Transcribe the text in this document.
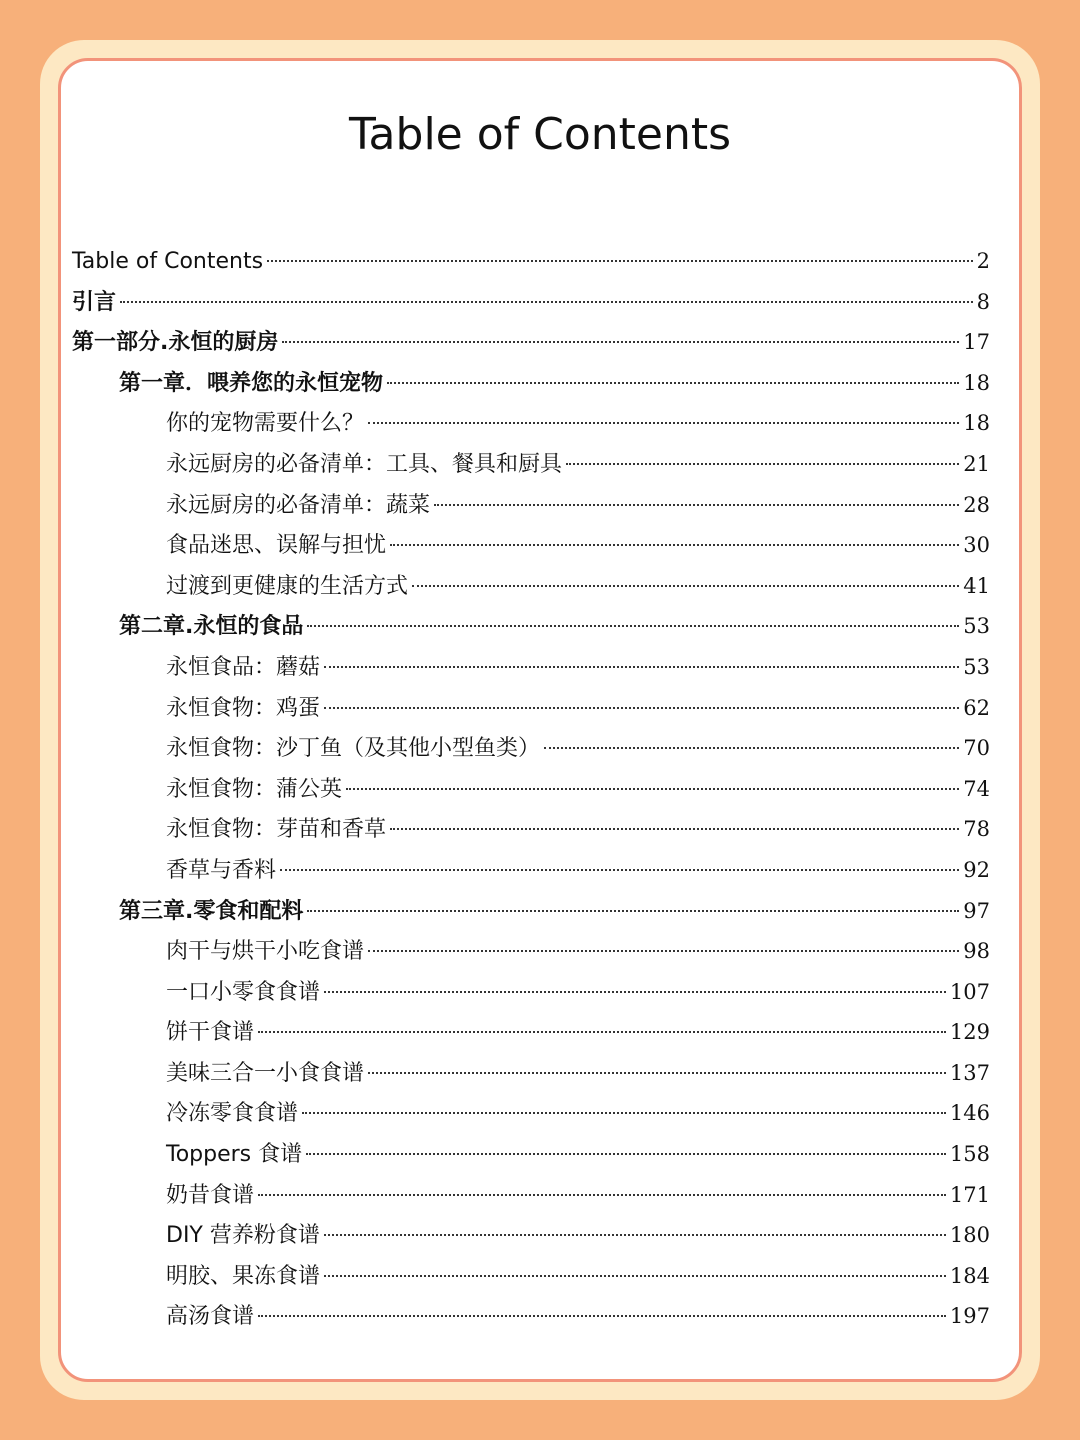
Table of Contents
Table of Contents	2
引言	8
第一部分.永恒的厨房	17
第一章．喂养您的永恒宠物	18
你的宠物需要什么？	18
永远厨房的必备清单：工具、餐具和厨具	21
永远厨房的必备清单：蔬菜	28
食品迷思、误解与担忧	30
过渡到更健康的生活方式	41
第二章.永恒的食品	53
永恒食品：蘑菇	53
永恒食物：鸡蛋	62
永恒食物：沙丁鱼（及其他小型鱼类）	70
永恒食物：蒲公英	74
永恒食物：芽苗和香草	78
香草与香料	92
第三章.零食和配料	97
肉干与烘干小吃食谱	98
一口小零食食谱	107
饼干食谱	129
美味三合一小食食谱	137
冷冻零食食谱	146
Toppers 食谱	158
奶昔食谱	171
DIY 营养粉食谱	180
明胶、果冻食谱	184
高汤食谱	197
